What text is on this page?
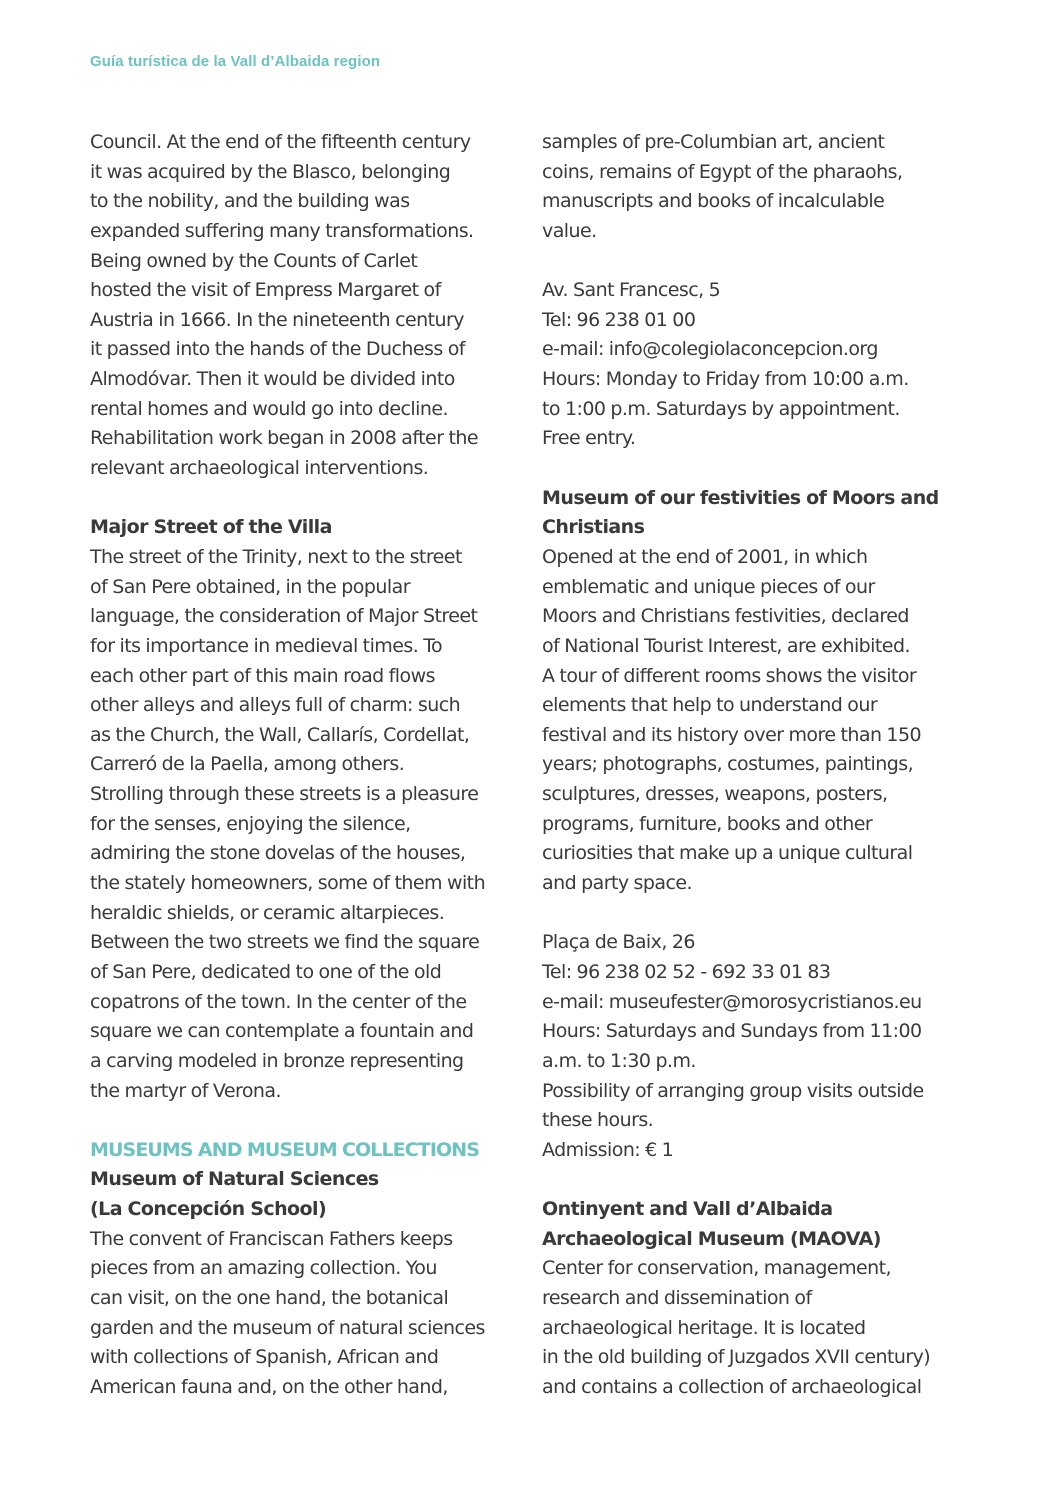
Guía turística de la Vall d’Albaida region
Council. At the end of the fifteenth century
it was acquired by the Blasco, belonging
to the nobility, and the building was
expanded suffering many transformations.
Being owned by the Counts of Carlet
hosted the visit of Empress Margaret of
Austria in 1666. In the nineteenth century
it passed into the hands of the Duchess of
Almodóvar. Then it would be divided into
rental homes and would go into decline.
Rehabilitation work began in 2008 after the
relevant archaeological interventions.
Major Street of the Villa
The street of the Trinity, next to the street
of San Pere obtained, in the popular
language, the consideration of Major Street
for its importance in medieval times. To
each other part of this main road flows
other alleys and alleys full of charm: such
as the Church, the Wall, Callarís, Cordellat,
Carreró de la Paella, among others.
Strolling through these streets is a pleasure
for the senses, enjoying the silence,
admiring the stone dovelas of the houses,
the stately homeowners, some of them with
heraldic shields, or ceramic altarpieces.
Between the two streets we find the square
of San Pere, dedicated to one of the old
copatrons of the town. In the center of the
square we can contemplate a fountain and
a carving modeled in bronze representing
the martyr of Verona.
MUSEUMS AND MUSEUM COLLECTIONS
Museum of Natural Sciences
(La Concepción School)
The convent of Franciscan Fathers keeps
pieces from an amazing collection. You
can visit, on the one hand, the botanical
garden and the museum of natural sciences
with collections of Spanish, African and
American fauna and, on the other hand,
samples of pre-Columbian art, ancient
coins, remains of Egypt of the pharaohs,
manuscripts and books of incalculable
value.
Av. Sant Francesc, 5
Tel: 96 238 01 00
e-mail: info@colegiolaconcepcion.org
Hours: Monday to Friday from 10:00 a.m.
to 1:00 p.m. Saturdays by appointment.
Free entry.
Museum of our festivities of Moors and
Christians
Opened at the end of 2001, in which
emblematic and unique pieces of our
Moors and Christians festivities, declared
of National Tourist Interest, are exhibited.
A tour of different rooms shows the visitor
elements that help to understand our
festival and its history over more than 150
years; photographs, costumes, paintings,
sculptures, dresses, weapons, posters,
programs, furniture, books and other
curiosities that make up a unique cultural
and party space.
Plaça de Baix, 26
Tel: 96 238 02 52 - 692 33 01 83
e-mail: museufester@morosycristianos.eu
Hours: Saturdays and Sundays from 11:00
a.m. to 1:30 p.m.
Possibility of arranging group visits outside
these hours.
Admission: € 1
Ontinyent and Vall d’Albaida
Archaeological Museum (MAOVA)
Center for conservation, management,
research and dissemination of
archaeological heritage. It is located
in the old building of Juzgados XVII century)
and contains a collection of archaeological
